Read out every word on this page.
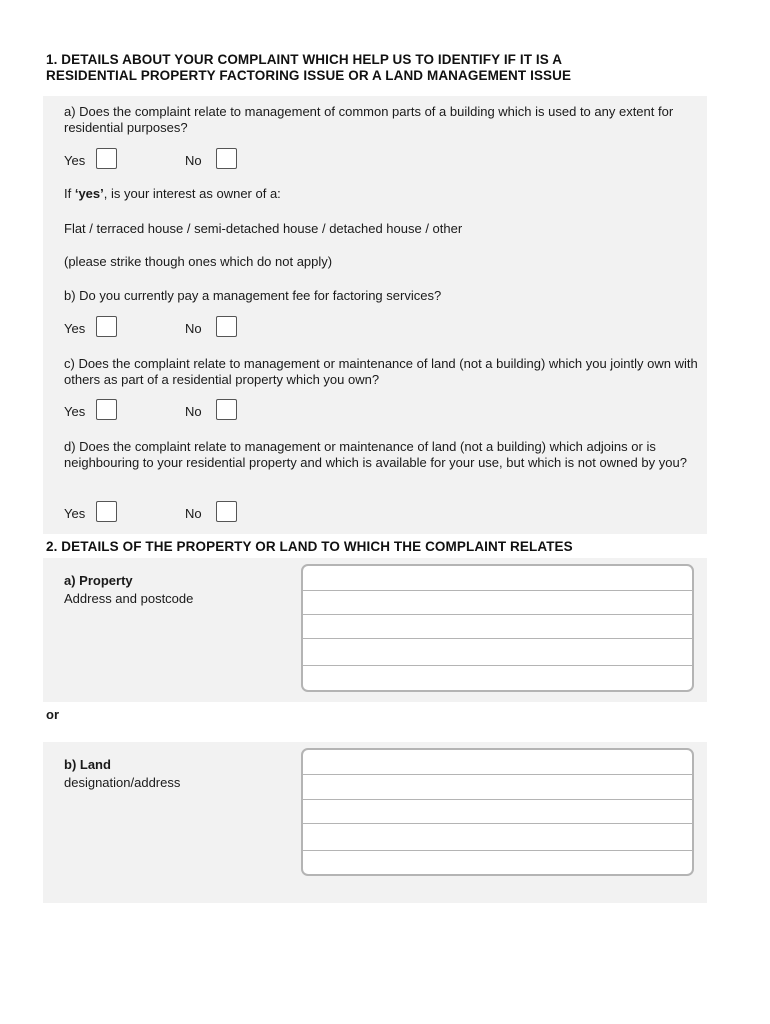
1. DETAILS ABOUT YOUR COMPLAINT WHICH HELP US TO IDENTIFY IF IT IS A
RESIDENTIAL PROPERTY FACTORING ISSUE OR A LAND MANAGEMENT ISSUE
a) Does the complaint relate to management of common parts of a building which is used to any extent for residential purposes?
Yes	No
If ‘yes’, is your interest as owner of a:
Flat / terraced house / semi-detached house / detached house / other
(please strike though ones which do not apply)
b) Do you currently pay a management fee for factoring services?
Yes	No
c) Does the complaint relate to management or maintenance of land (not a building) which you jointly own with others as part of a residential property which you own?
Yes	No
d) Does the complaint relate to management or maintenance of land (not a building) which adjoins or is neighbouring to your residential property and which is available for your use, but which is not owned by you?
Yes	No
2. DETAILS OF THE PROPERTY OR LAND TO WHICH THE COMPLAINT RELATES
a) Property
Address and postcode
or
b) Land
designation/address
